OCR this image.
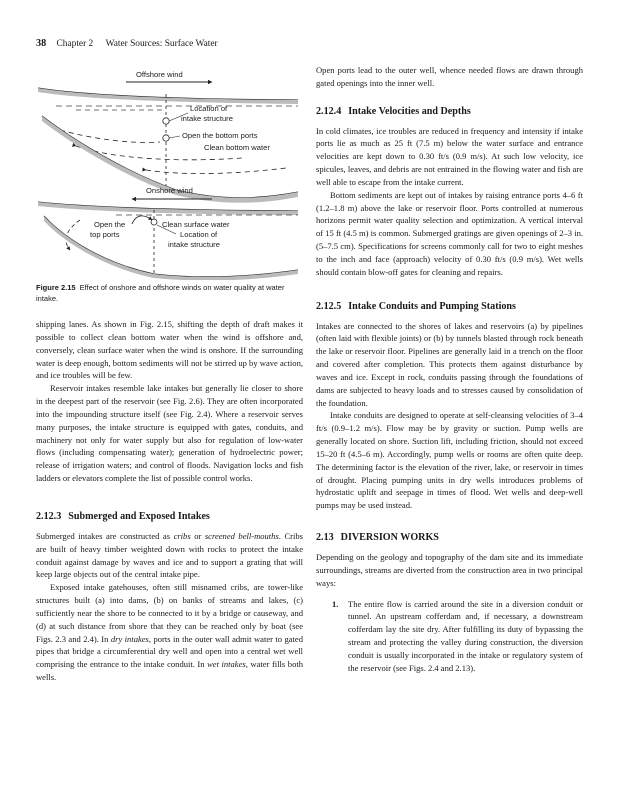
38 Chapter 2 Water Sources: Surface Water
Offshore wind
Location of
intake structure
Open the bottom ports
Clean bottom water
Onshore wind
Open the
top ports
Clean surface water
Location of
intake structure

Figure 2.15 Effect of onshore and offshore winds on water quality at water intake.

shipping lanes. As shown in Fig. 2.15, shifting the depth of draft makes it possible to collect clean bottom water when the wind is offshore and, conversely, clean surface water when the wind is onshore. If the surrounding water is deep enough, bottom sediments will not be stirred up by wave action, and ice troubles will be few.

Reservoir intakes resemble lake intakes but generally lie closer to shore in the deepest part of the reservoir (see Fig. 2.6). They are often incorporated into the impounding structure itself (see Fig. 2.4). Where a reservoir serves many purposes, the intake structure is equipped with gates, conduits, and machinery not only for water supply but also for regulation of low-water flows (including compensating water); generation of hydroelectric power; release of irrigation waters; and control of floods. Navigation locks and fish ladders or elevators complete the list of possible control works.

2.12.3 Submerged and Exposed Intakes

Submerged intakes are constructed as cribs or screened bell-mouths. Cribs are built of heavy timber weighted down with rocks to protect the intake conduit against damage by waves and ice and to support a grating that will keep large objects out of the central intake pipe.

Exposed intake gatehouses, often still misnamed cribs, are tower-like structures built (a) into dams, (b) on banks of streams and lakes, (c) sufficiently near the shore to be connected to it by a bridge or causeway, and (d) at such distance from shore that they can be reached only by boat (see Figs. 2.3 and 2.4). In dry intakes, ports in the outer wall admit water to gated pipes that bridge a circumferential dry well and open into a central wet well comprising the entrance to the intake conduit. In wet intakes, water fills both wells.

Open ports lead to the outer well, whence needed flows are drawn through gated openings into the inner well.

2.12.4 Intake Velocities and Depths

In cold climates, ice troubles are reduced in frequency and intensity if intake ports lie as much as 25 ft (7.5 m) below the water surface and entrance velocities are kept down to 0.30 ft/s (0.9 m/s). At such low velocity, ice spicules, leaves, and debris are not entrained in the flowing water and fish are well able to escape from the intake current.

Bottom sediments are kept out of intakes by raising entrance ports 4–6 ft (1.2–1.8 m) above the lake or reservoir floor. Ports controlled at numerous horizons permit water quality selection and optimization. A vertical interval of 15 ft (4.5 m) is common. Submerged gratings are given openings of 2–3 in. (5–7.5 cm). Specifications for screens commonly call for two to eight meshes to the inch and face (approach) velocity of 0.30 ft/s (0.9 m/s). Wet wells should contain blow-off gates for cleaning and repairs.

2.12.5 Intake Conduits and Pumping Stations

Intakes are connected to the shores of lakes and reservoirs (a) by pipelines (often laid with flexible joints) or (b) by tunnels blasted through rock beneath the lake or reservoir floor. Pipelines are generally laid in a trench on the floor and covered after completion. This protects them against disturbance by waves and ice. Except in rock, conduits passing through the foundations of dams are subjected to heavy loads and to stresses caused by consolidation of the foundation.

Intake conduits are designed to operate at self-cleansing velocities of 3–4 ft/s (0.9–1.2 m/s). Flow may be by gravity or suction. Pump wells are generally located on shore. Suction lift, including friction, should not exceed 15–20 ft (4.5–6 m). Accordingly, pump wells or rooms are often quite deep. The determining factor is the elevation of the river, lake, or reservoir in times of drought. Placing pumping units in dry wells introduces problems of hydrostatic uplift and seepage in times of flood. Wet wells and deep-well pumps may be used instead.

2.13 DIVERSION WORKS

Depending on the geology and topography of the dam site and its immediate surroundings, streams are diverted from the construction area in two principal ways:

1. The entire flow is carried around the site in a diversion conduit or tunnel. An upstream cofferdam and, if necessary, a downstream cofferdam lay the site dry. After fulfilling its duty of bypassing the stream and protecting the valley during construction, the diversion conduit is usually incorporated in the intake or regulatory system of the reservoir (see Figs. 2.4 and 2.13).
